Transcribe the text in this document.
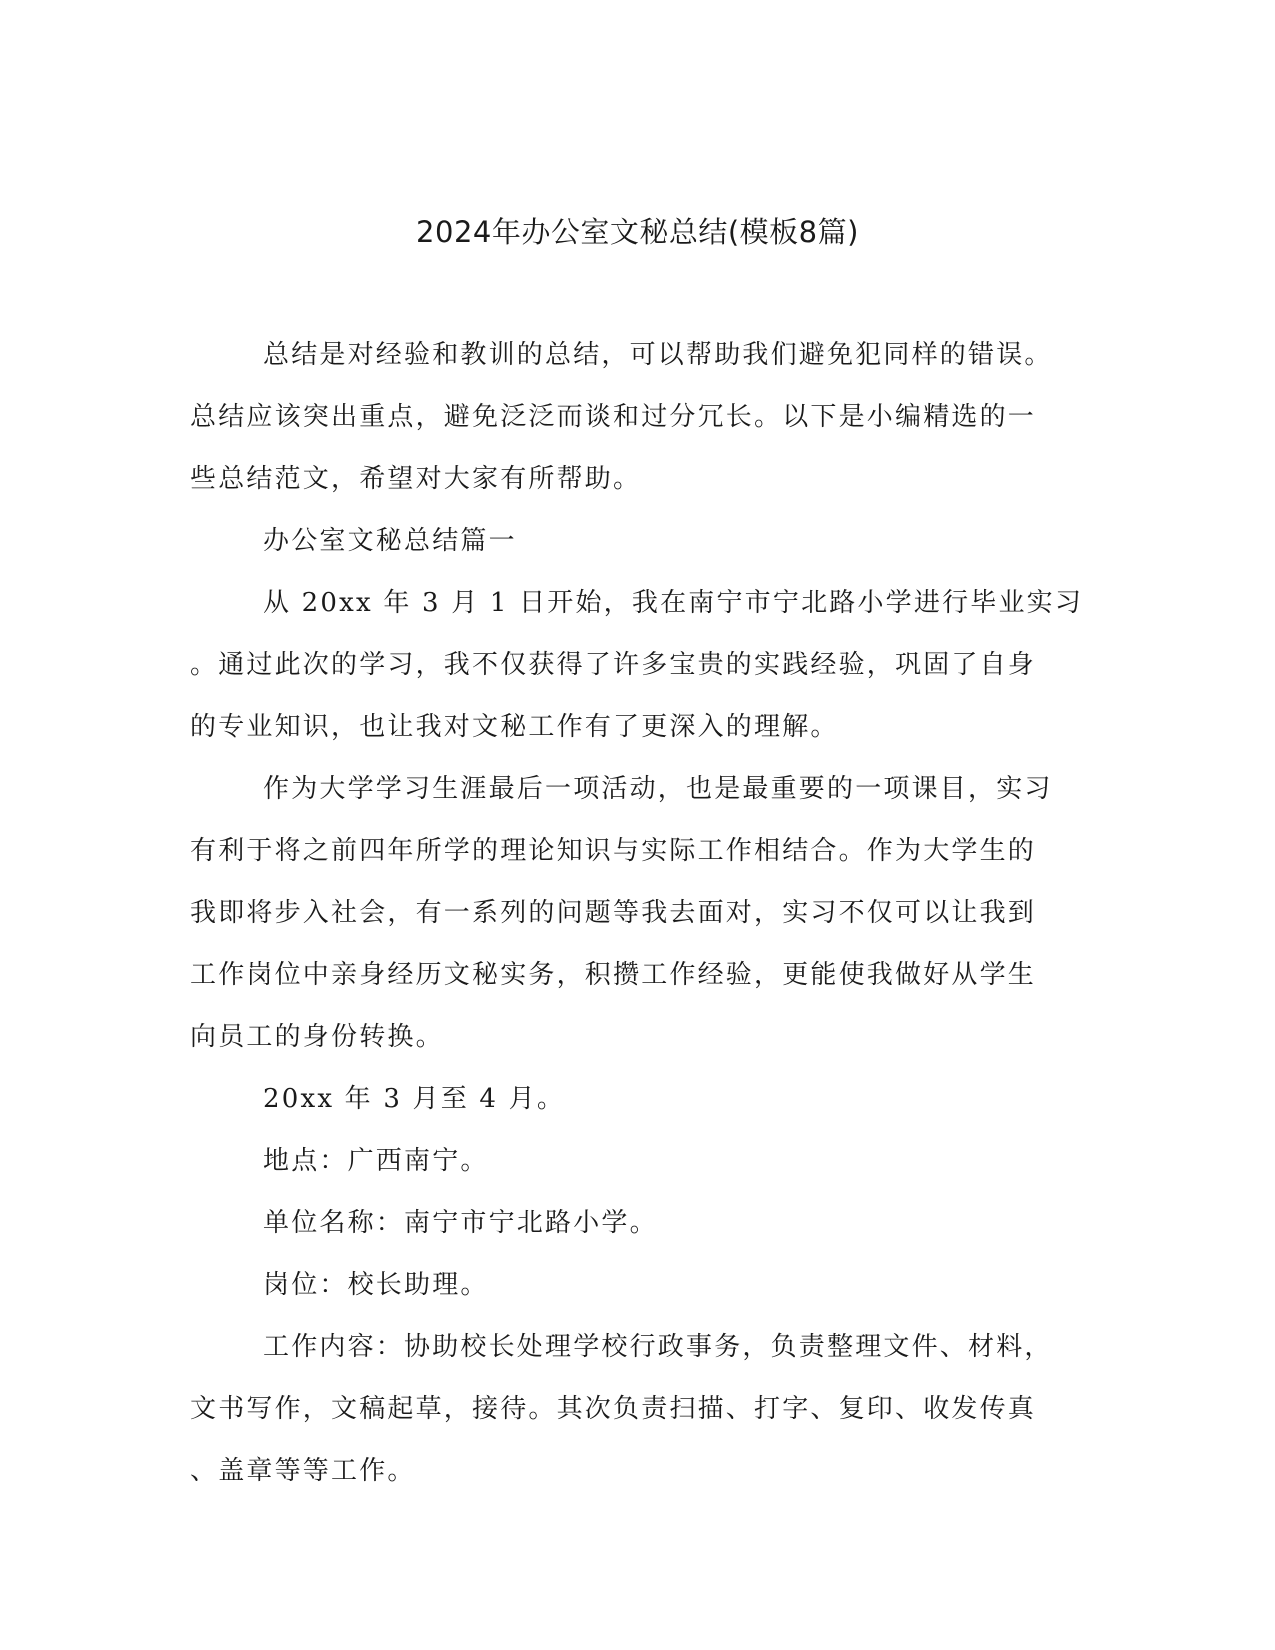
2024年办公室文秘总结(模板8篇)
总结是对经验和教训的总结，可以帮助我们避免犯同样的错误。
总结应该突出重点，避免泛泛而谈和过分冗长。以下是小编精选的一
些总结范文，希望对大家有所帮助。
办公室文秘总结篇一
从 20xx 年 3 月 1 日开始，我在南宁市宁北路小学进行毕业实习
。通过此次的学习，我不仅获得了许多宝贵的实践经验，巩固了自身
的专业知识，也让我对文秘工作有了更深入的理解。
作为大学学习生涯最后一项活动，也是最重要的一项课目，实习
有利于将之前四年所学的理论知识与实际工作相结合。作为大学生的
我即将步入社会，有一系列的问题等我去面对，实习不仅可以让我到
工作岗位中亲身经历文秘实务，积攒工作经验，更能使我做好从学生
向员工的身份转换。
20xx 年 3 月至 4 月。
地点：广西南宁。
单位名称：南宁市宁北路小学。
岗位：校长助理。
工作内容：协助校长处理学校行政事务，负责整理文件、材料，
文书写作，文稿起草，接待。其次负责扫描、打字、复印、收发传真
、盖章等等工作。
